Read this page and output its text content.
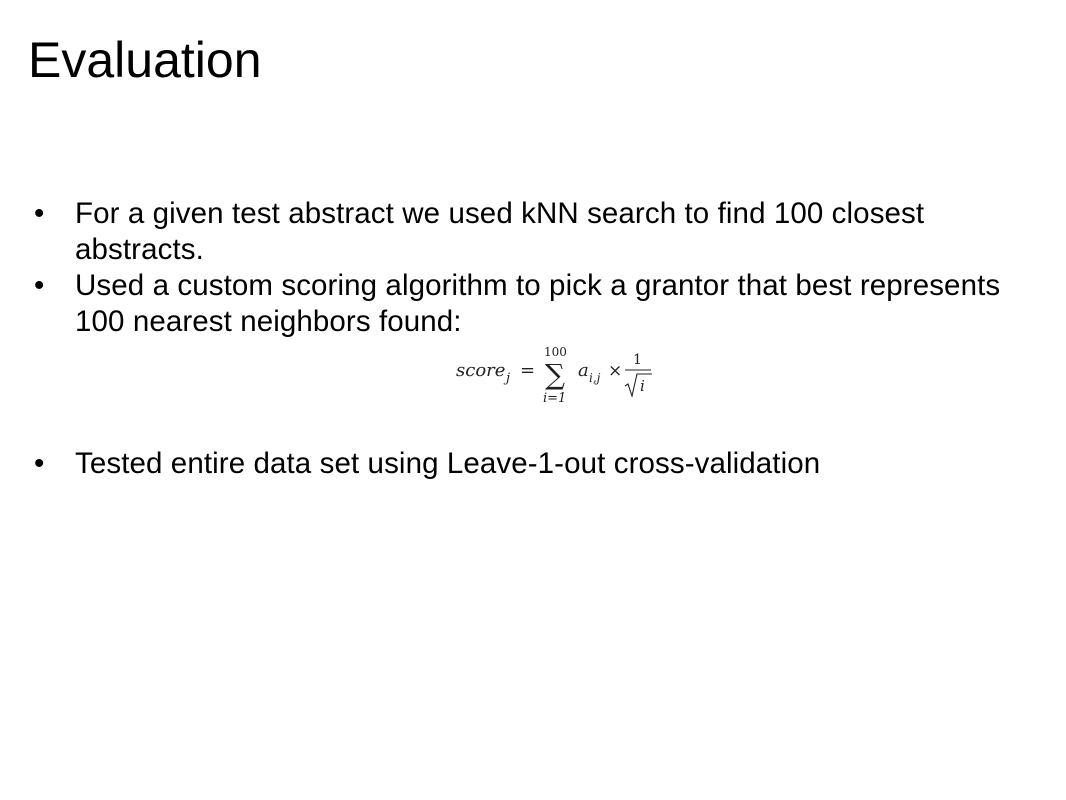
Evaluation
• For a given test abstract we used kNN search to find 100 closest abstracts.
• Used a custom scoring algorithm to pick a grantor that best represents 100 nearest neighbors found:
score j =
100
∑
i=1
a i,j ×
1
i
• Tested entire data set using Leave-1-out cross-validation
